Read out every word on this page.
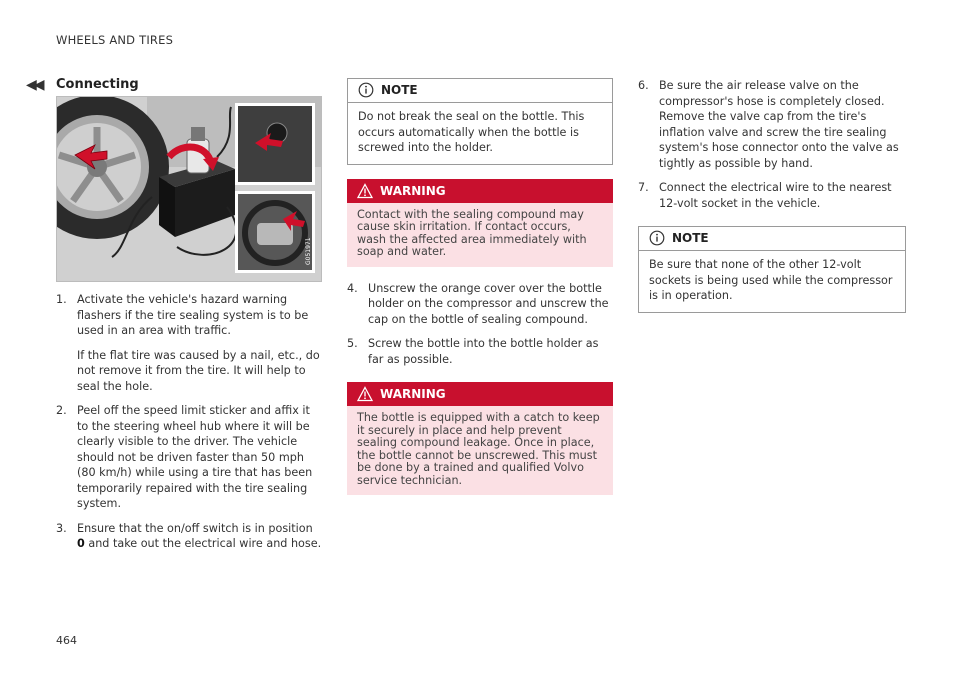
WHEELS AND TIRES
◀◀ Connecting
G051971
1. Activate the vehicle's hazard warning flashers if the tire sealing system is to be used in an area with traffic.
If the flat tire was caused by a nail, etc., do not remove it from the tire. It will help to seal the hole.
2. Peel off the speed limit sticker and affix it to the steering wheel hub where it will be clearly visible to the driver. The vehicle should not be driven faster than 50 mph (80 km/h) while using a tire that has been temporarily repaired with the tire sealing system.
3. Ensure that the on/off switch is in position 0 and take out the electrical wire and hose.
NOTE
Do not break the seal on the bottle. This occurs automatically when the bottle is screwed into the holder.
WARNING
Contact with the sealing compound may cause skin irritation. If contact occurs, wash the affected area immediately with soap and water.
4. Unscrew the orange cover over the bottle holder on the compressor and unscrew the cap on the bottle of sealing compound.
5. Screw the bottle into the bottle holder as far as possible.
WARNING
The bottle is equipped with a catch to keep it securely in place and help prevent sealing compound leakage. Once in place, the bottle cannot be unscrewed. This must be done by a trained and qualified Volvo service technician.
6. Be sure the air release valve on the compressor's hose is completely closed. Remove the valve cap from the tire's inflation valve and screw the tire sealing system's hose connector onto the valve as tightly as possible by hand.
7. Connect the electrical wire to the nearest 12-volt socket in the vehicle.
NOTE
Be sure that none of the other 12-volt sockets is being used while the compressor is in operation.
464
